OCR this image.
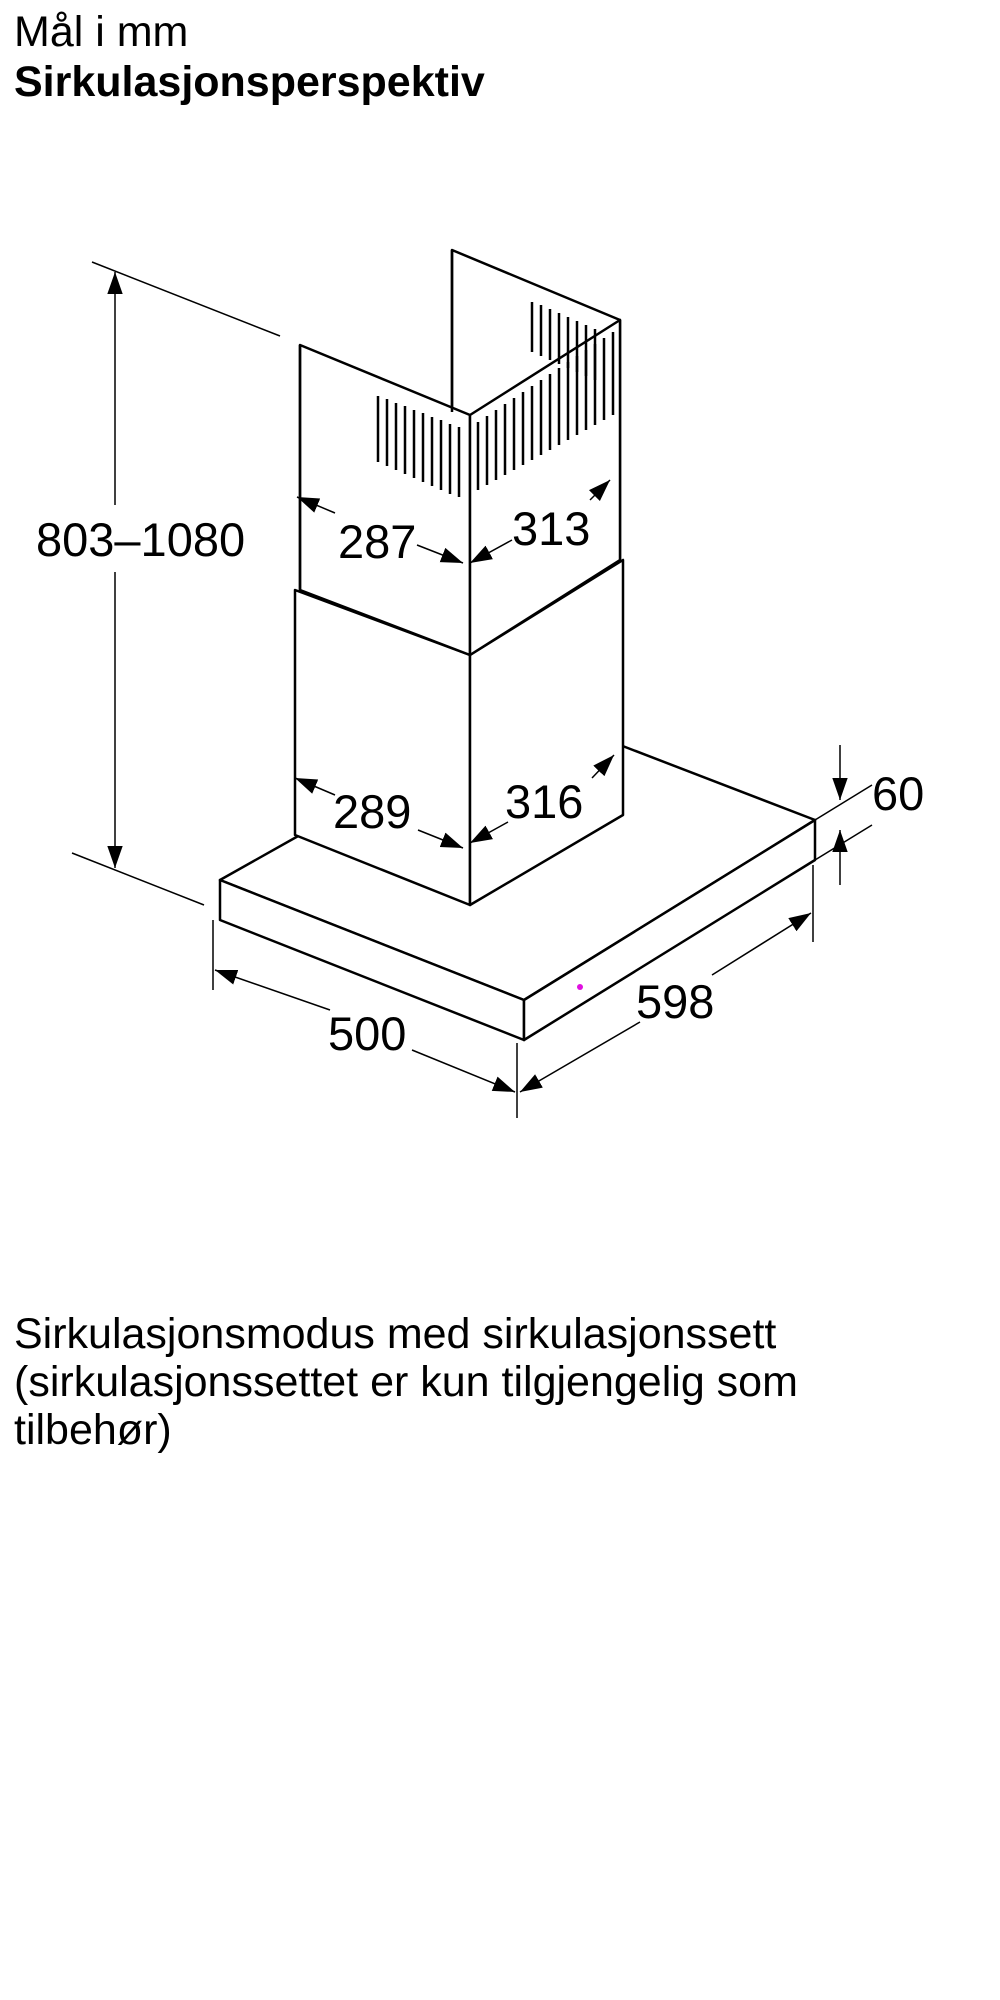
Mål i mm
Sirkulasjonsperspektiv
803–1080 287 313
289 316	60
500
598
Sirkulasjonsmodus med sirkulasjonssett
(sirkulasjonssettet er kun tilgjengelig som
tilbehør)
